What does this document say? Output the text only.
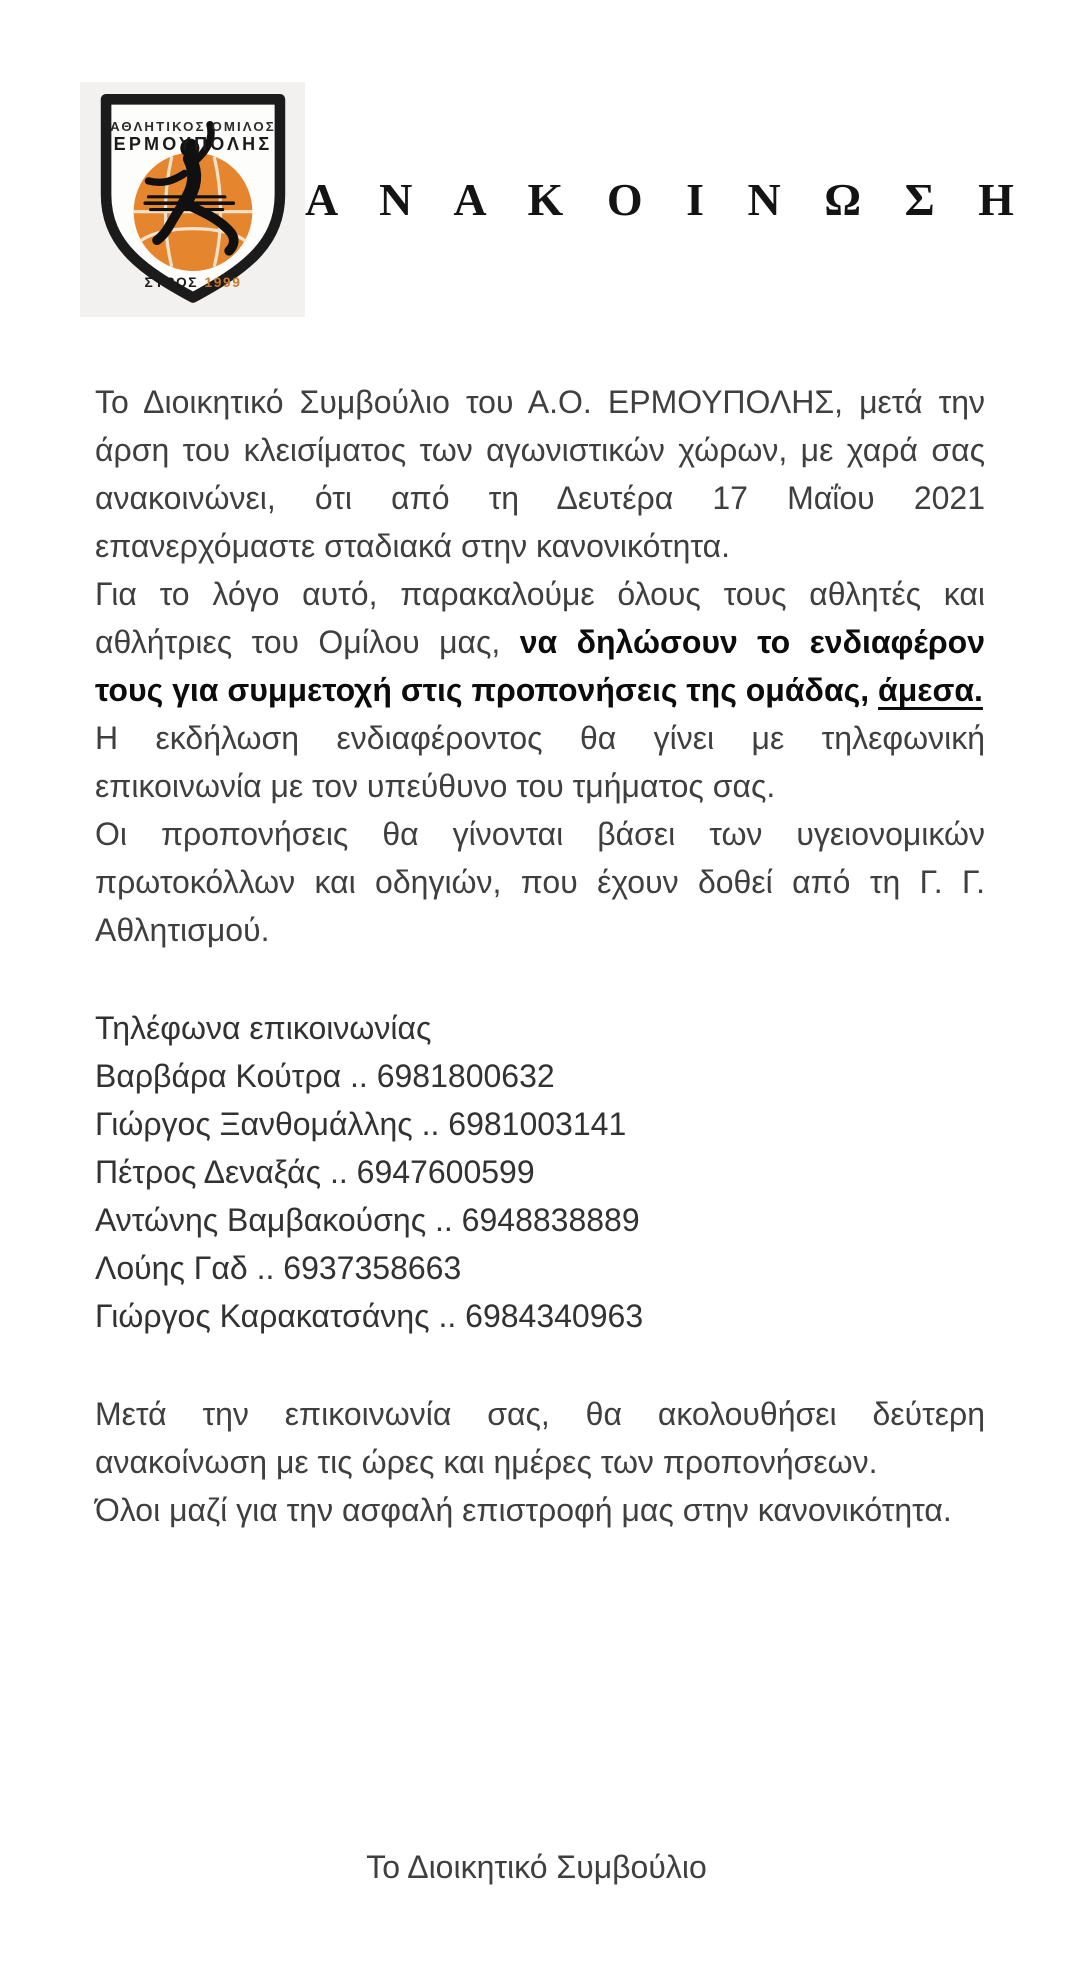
ΑΘΛΗΤΙΚΟΣ ΟΜΙΛΟΣ
ΕΡΜΟΥΠΟΛΗΣ
ΣΥΡΟΣ 1999
Α Ν Α Κ Ο Ι Ν Ω Σ Η

Το Διοικητικό Συμβούλιο του Α.Ο. ΕΡΜΟΥΠΟΛΗΣ, μετά την άρση του κλεισίματος των αγωνιστικών χώρων, με χαρά σας ανακοινώνει, ότι από τη Δευτέρα 17 Μαΐου 2021 επανερχόμαστε σταδιακά στην κανονικότητα.

Για το λόγο αυτό, παρακαλούμε όλους τους αθλητές και αθλήτριες του Ομίλου μας, να δηλώσουν το ενδιαφέρον τους για συμμετοχή στις προπονήσεις της ομάδας, άμεσα.

Η εκδήλωση ενδιαφέροντος θα γίνει με τηλεφωνική επικοινωνία με τον υπεύθυνο του τμήματος σας.

Οι προπονήσεις θα γίνονται βάσει των υγειονομικών πρωτοκόλλων και οδηγιών, που έχουν δοθεί από τη Γ. Γ. Αθλητισμού.

Τηλέφωνα επικοινωνίας
Βαρβάρα Κούτρα .. 6981800632
Γιώργος Ξανθομάλλης .. 6981003141
Πέτρος Δεναξάς .. 6947600599
Αντώνης Βαμβακούσης .. 6948838889
Λούης Γαδ .. 6937358663
Γιώργος Καρακατσάνης .. 6984340963

Μετά την επικοινωνία σας, θα ακολουθήσει δεύτερη ανακοίνωση με τις ώρες και ημέρες των προπονήσεων.

Όλοι μαζί για την ασφαλή επιστροφή μας στην κανονικότητα.

Το Διοικητικό Συμβούλιο
